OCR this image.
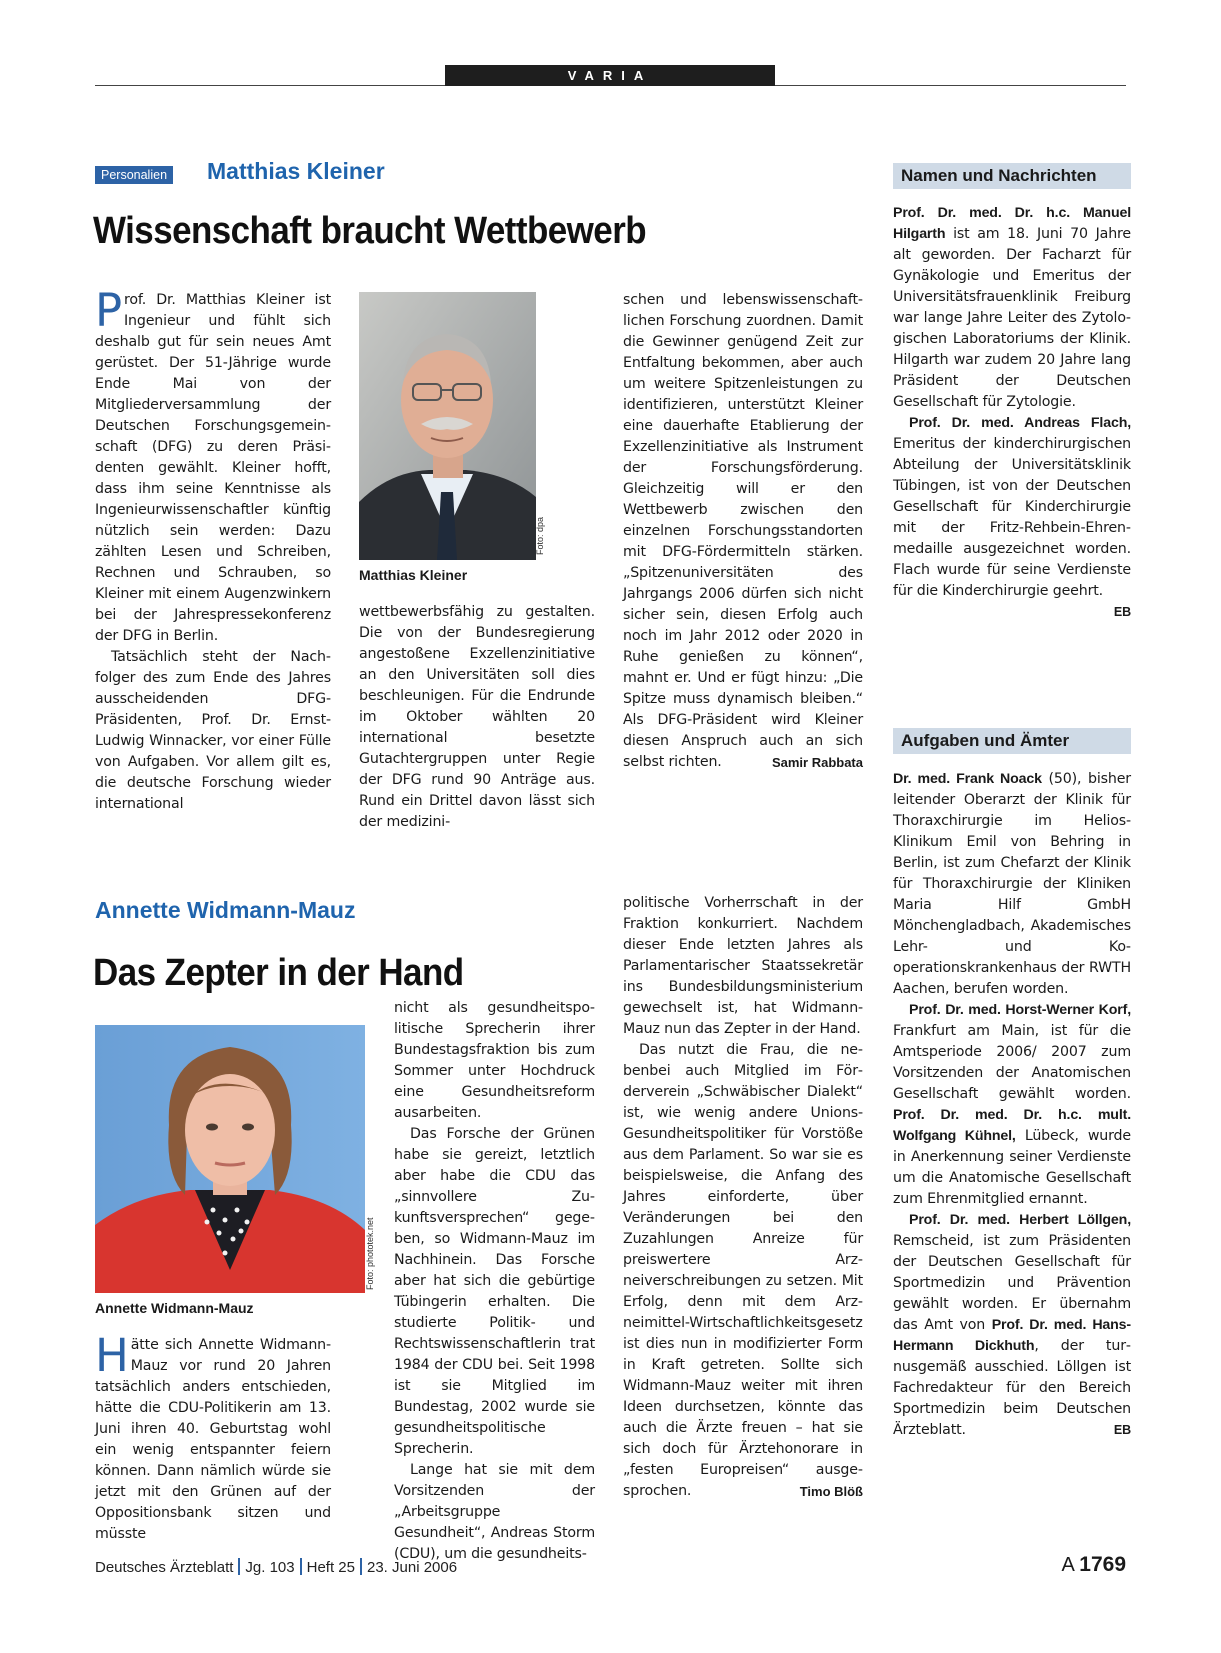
VARIA
Personalien Matthias Kleiner
Wissenschaft braucht Wettbewerb

Prof. Dr. Matthias Kleiner ist Ingenieur und fühlt sich deshalb gut für sein neues Amt gerüstet. Der 51-Jährige wurde Ende Mai von der Mitgliederversammlung der Deutschen Forschungsgemeinschaft (DFG) zu deren Präsidenten gewählt. Kleiner hofft, dass ihm seine Kenntnisse als Ingenieurwissenschaftler künftig nützlich sein werden: Dazu zählten Lesen und Schreiben, Rechnen und Schrauben, so Kleiner mit einem Augenzwinkern bei der Jahrespressekonferenz der DFG in Berlin.

Tatsächlich steht der Nachfolger des zum Ende des Jahres ausscheidenden DFG-Präsidenten, Prof. Dr. Ernst-Ludwig Winnacker, vor einer Fülle von Aufgaben. Vor allem gilt es, die deutsche Forschung wieder international

Foto: dpa
Matthias Kleiner

wettbewerbsfähig zu gestalten. Die von der Bundesregierung angestoßene Exzellenzinitiative an den Universitäten soll dies beschleunigen. Für die Endrunde im Oktober wählten 20 international besetzte Gutachtergruppen unter Regie der DFG rund 90 Anträge aus. Rund ein Drittel davon lässt sich der medizini-

schen und lebenswissenschaftlichen Forschung zuordnen. Damit die Gewinner genügend Zeit zur Entfaltung bekommen, aber auch um weitere Spitzenleistungen zu identifizieren, unterstützt Kleiner eine dauerhafte Etablierung der Exzellenzinitiative als Instrument der Forschungsförderung. Gleichzeitig will er den Wettbewerb zwischen den einzelnen Forschungsstandorten mit DFG-Fördermitteln stärken. „Spitzenuniversitäten des Jahrgangs 2006 dürfen sich nicht sicher sein, diesen Erfolg auch noch im Jahr 2012 oder 2020 in Ruhe genießen zu können“, mahnt er. Und er fügt hinzu: „Die Spitze muss dynamisch bleiben.“ Als DFG-Präsident wird Kleiner diesen Anspruch auch an sich selbst richten.	Samir Rabbata

Annette Widmann-Mauz
Das Zepter in der Hand
Foto: phototek.net
Annette Widmann-Mauz

Hätte sich Annette Widmann-Mauz vor rund 20 Jahren tatsächlich anders entschieden, hätte die CDU-Politikerin am 13. Juni ihren 40. Geburtstag wohl ein wenig entspannter feiern können. Dann nämlich würde sie jetzt mit den Grünen auf der Oppositionsbank sitzen und müsste

nicht als gesundheitspolitische Sprecherin ihrer Bundestagsfraktion bis zum Sommer unter Hochdruck eine Gesundheitsreform ausarbeiten.

Das Forsche der Grünen habe sie gereizt, letztlich aber habe die CDU das „sinnvollere Zukunftsversprechen“ gegeben, so Widmann-Mauz im Nachhinein. Das Forsche aber hat sich die gebürtige Tübingerin erhalten. Die studierte Politik- und Rechtswissenschaftlerin trat 1984 der CDU bei. Seit 1998 ist sie Mitglied im Bundestag, 2002 wurde sie gesundheitspolitische Sprecherin.

Lange hat sie mit dem Vorsitzenden der „Arbeitsgruppe Gesundheit“, Andreas Storm (CDU), um die gesundheits-

politische Vorherrschaft in der Fraktion konkurriert. Nachdem dieser Ende letzten Jahres als Parlamentarischer Staatssekretär ins Bundesbildungsministerium gewechselt ist, hat Widmann-Mauz nun das Zepter in der Hand.

Das nutzt die Frau, die nebenbei auch Mitglied im Förderverein „Schwäbischer Dialekt“ ist, wie wenig andere Unions-Gesundheitspolitiker für Vorstöße aus dem Parlament. So war sie es beispielsweise, die Anfang des Jahres einforderte, über Veränderungen bei den Zuzahlungen Anreize für preiswertere Arzneiverschreibungen zu setzen. Mit Erfolg, denn mit dem Arzneimittel-Wirtschaftlichkeitsgesetz ist dies nun in modifizierter Form in Kraft getreten. Sollte sich Widmann-Mauz weiter mit ihren Ideen durchsetzen, könnte das auch die Ärzte freuen – hat sie sich doch für Ärztehonorare in „festen Europreisen“ ausgesprochen.	Timo Blöß

Namen und Nachrichten

Prof. Dr. med. Dr. h.c. Manuel Hilgarth ist am 18. Juni 70 Jahre alt geworden. Der Facharzt für Gynäkologie und Emeritus der Universitätsfrauenklinik Freiburg war lange Jahre Leiter des Zytologischen Laboratoriums der Klinik. Hilgarth war zudem 20 Jahre lang Präsident der Deutschen Gesellschaft für Zytologie.

Prof. Dr. med. Andreas Flach, Emeritus der kinderchirurgischen Abteilung der Universitätsklinik Tübingen, ist von der Deutschen Gesellschaft für Kinderchirurgie mit der Fritz-Rehbein-Ehrenmedaille ausgezeichnet worden. Flach wurde für seine Verdienste für die Kinderchirurgie geehrt.
EB

Aufgaben und Ämter

Dr. med. Frank Noack (50), bisher leitender Oberarzt der Klinik für Thoraxchirurgie im Helios-Klinikum Emil von Behring in Berlin, ist zum Chefarzt der Klinik für Thoraxchirurgie der Kliniken Maria Hilf GmbH Mönchengladbach, Akademisches Lehr- und Kooperationskrankenhaus der RWTH Aachen, berufen worden.

Prof. Dr. med. Horst-Werner Korf, Frankfurt am Main, ist für die Amtsperiode 2006/ 2007 zum Vorsitzenden der Anatomischen Gesellschaft gewählt worden. Prof. Dr. med. Dr. h.c. mult. Wolfgang Kühnel, Lübeck, wurde in Anerkennung seiner Verdienste um die Anatomische Gesellschaft zum Ehrenmitglied ernannt.

Prof. Dr. med. Herbert Löllgen, Remscheid, ist zum Präsidenten der Deutschen Gesellschaft für Sportmedizin und Prävention gewählt worden. Er übernahm das Amt von Prof. Dr. med. Hans-Hermann Dickhuth, der turnusgemäß ausschied. Löllgen ist Fachredakteur für den Bereich Sportmedizin beim Deutschen Ärzteblatt.	EB

Deutsches Ärzteblatt Jg. 103 Heft 25 23. Juni 2006	A 1769
